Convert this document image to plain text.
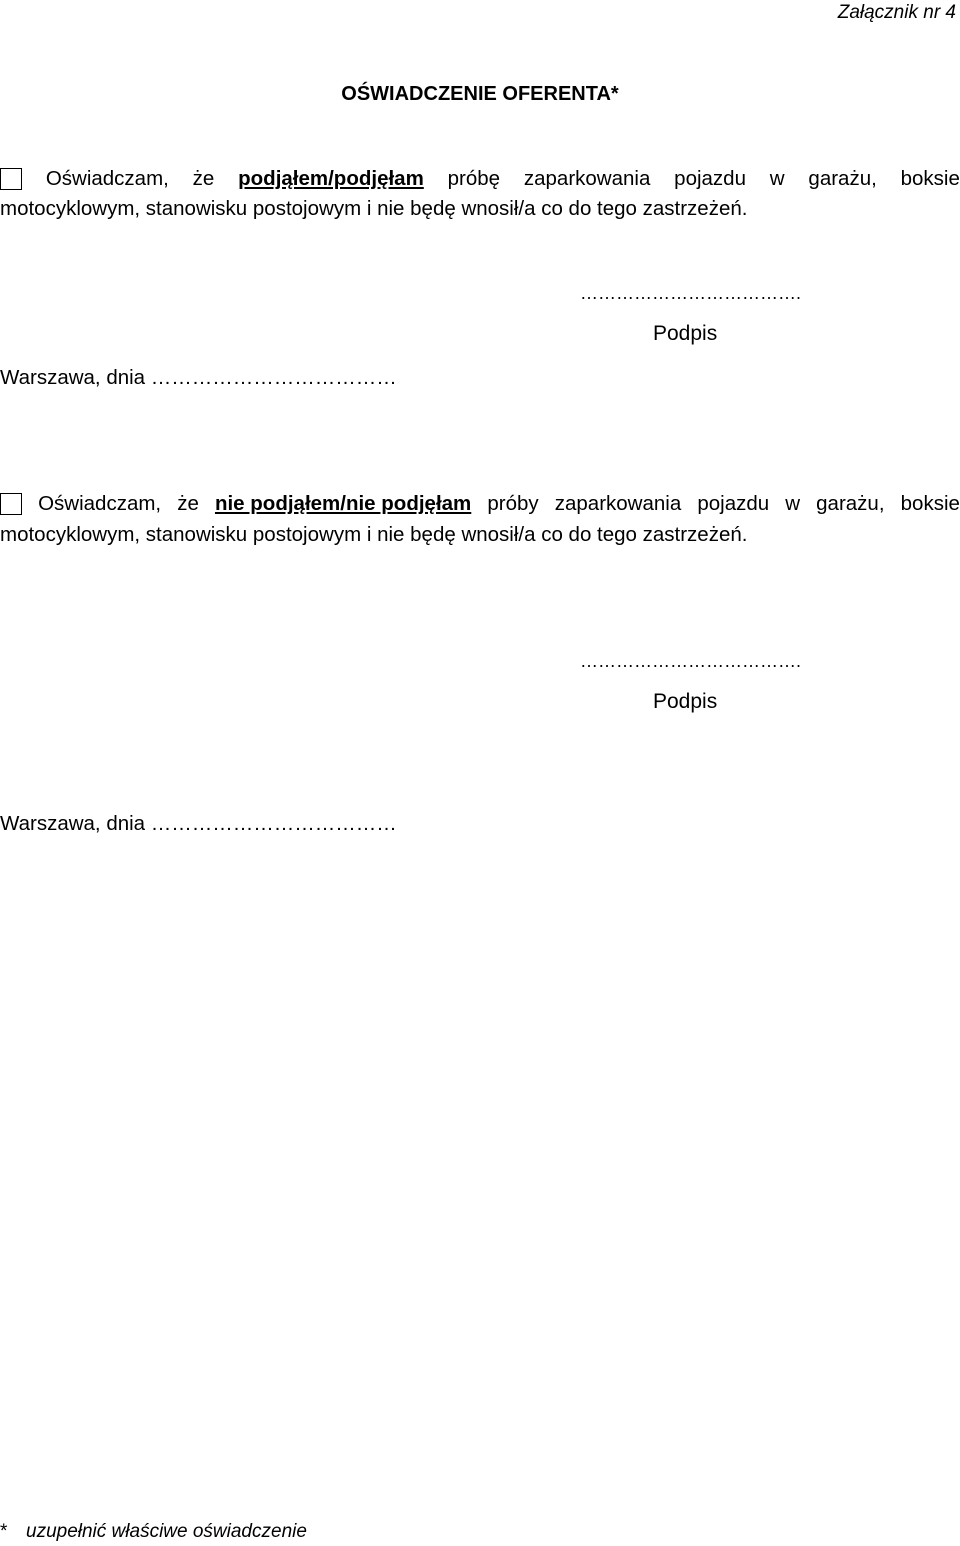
Załącznik nr 4
OŚWIADCZENIE OFERENTA*
Oświadczam, że podjąłem/podjęłam próbę zaparkowania pojazdu w garażu, boksie
motocyklowym, stanowisku postojowym i nie będę wnosił/a co do tego zastrzeżeń.
……………………………….
Podpis
Warszawa, dnia ………………………………
Oświadczam, że nie podjąłem/nie podjęłam próby zaparkowania pojazdu w garażu, boksie
motocyklowym, stanowisku postojowym i nie będę wnosił/a co do tego zastrzeżeń.
……………………………….
Podpis
Warszawa, dnia ………………………………
* uzupełnić właściwe oświadczenie
